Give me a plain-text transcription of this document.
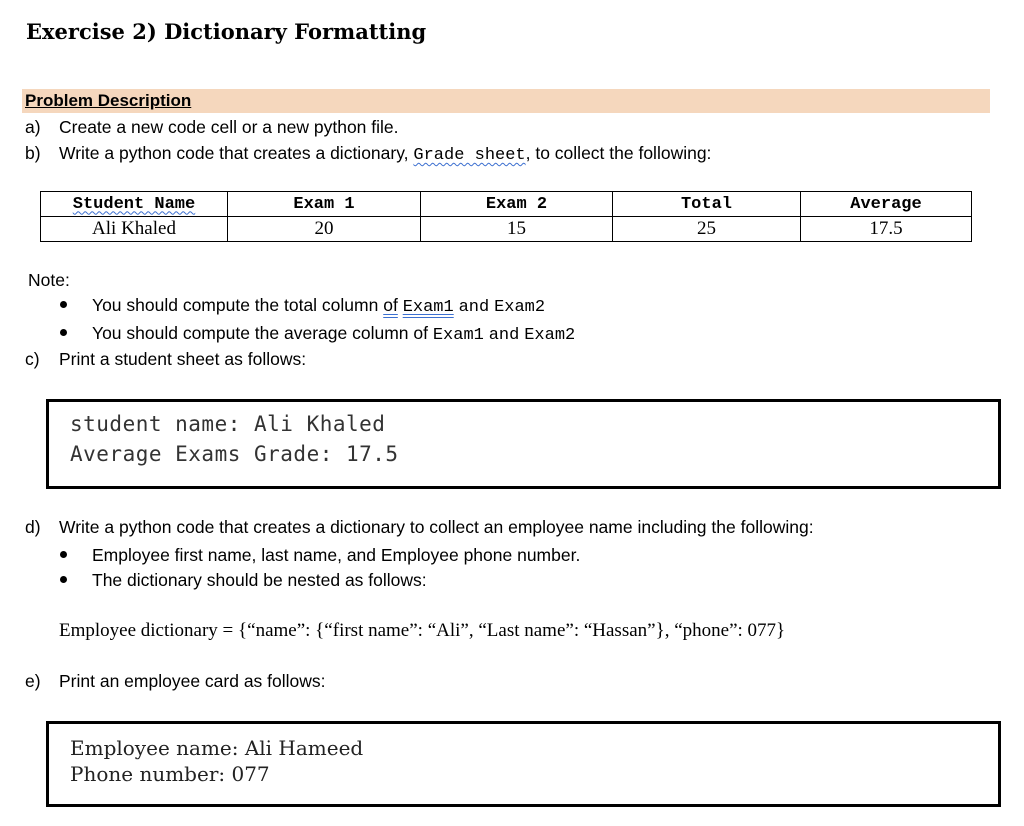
Exercise 2) Dictionary Formatting
Problem Description
a) Create a new code cell or a new python file.
b) Write a python code that creates a dictionary, Grade sheet, to collect the following:
Student Name	Exam 1	Exam 2	Total	Average
Ali Khaled	20	15	25	17.5
Note:
You should compute the total column of Exam1 and Exam2
You should compute the average column of Exam1 and Exam2
c) Print a student sheet as follows:
student name: Ali Khaled
Average Exams Grade: 17.5
d) Write a python code that creates a dictionary to collect an employee name including the following:
Employee first name, last name, and Employee phone number.
The dictionary should be nested as follows:
Employee dictionary = {“name”: {“first name”: “Ali”, “Last name”: “Hassan”}, “phone”: 077}
e) Print an employee card as follows:
Employee name: Ali Hameed
Phone number: 077
